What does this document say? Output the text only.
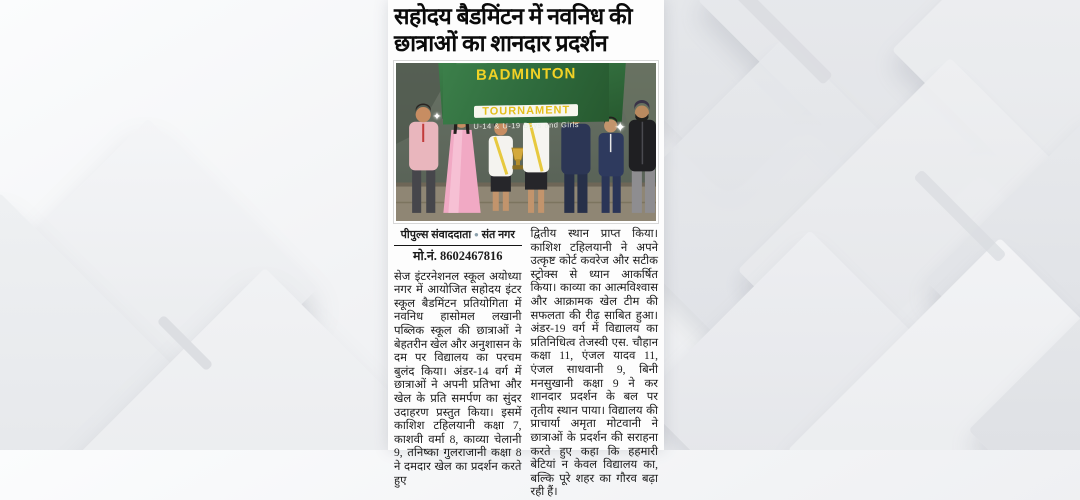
सहोदय बैडमिंटन में नवनिध की
छात्राओं का शानदार प्रदर्शन
BADMINTON

TOURNAMENT
U-14 & U-19 Boys and Girls
✦
✦
पीपुल्स संवाददाता ● संत नगर
मो.नं. 8602467816
सेज इंटरनेशनल स्कूल अयोध्या नगर में आयोजित सहोदय इंटर स्कूल बैडमिंटन प्रतियोगिता में नवनिध हासोमल लखानी पब्लिक स्कूल की छात्राओं ने बेहतरीन खेल और अनुशासन के दम पर विद्यालय का परचम बुलंद किया। अंडर-14 वर्ग में छात्राओं ने अपनी प्रतिभा और खेल के प्रति समर्पण का सुंदर उदाहरण प्रस्तुत किया। इसमें काशिश टहिलयानी कक्षा 7, काशवी वर्मा 8, काव्या चेलानी 9, तनिष्का गुलराजानी कक्षा 8 ने दमदार खेल का प्रदर्शन करते हुए
द्वितीय स्थान प्राप्त किया। काशिश टहिलयानी ने अपने उत्कृष्ट कोर्ट कवरेज और सटीक स्ट्रोक्स से ध्यान आकर्षित किया। काव्या का आत्मविश्वास और आक्रामक खेल टीम की सफलता की रीढ़ साबित हुआ। अंडर-19 वर्ग में विद्यालय का प्रतिनिधित्व तेजस्वी एस. चौहान कक्षा 11, एंजल यादव 11, एंजल साधवानी 9, बिनी मनसुखानी कक्षा 9 ने कर शानदार प्रदर्शन के बल पर तृतीय स्थान पाया। विद्यालय की प्राचार्या अमृता मोटवानी ने छात्राओं के प्रदर्शन की सराहना करते हुए कहा कि हहमारी बेटियां न केवल विद्यालय का, बल्कि पूरे शहर का गौरव बढ़ा रही हैं।
